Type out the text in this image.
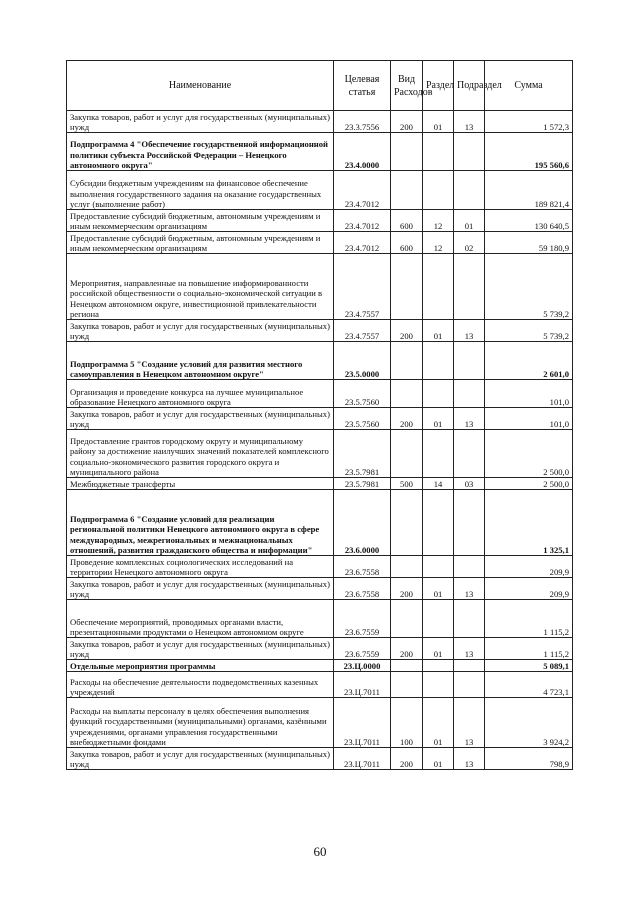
Наименование	Целевая статья	Вид Расходов	Раздел	Подраздел	Сумма
Закупка товаров, работ и услуг для государственных (муниципальных) нужд	23.3.7556	200	01	13	1 572,3
Подпрограмма 4 "Обеспечение государственной информационной политики субъекта Российской Федерации – Ненецкого автономного округа"	23.4.0000				195 560,6
Субсидии бюджетным учреждениям на финансовое обеспечение выполнения государственного задания на оказание государственных услуг (выполнение работ)	23.4.7012				189 821,4
Предоставление субсидий бюджетным, автономным учреждениям и иным некоммерческим организациям	23.4.7012	600	12	01	130 640,5
Предоставление субсидий бюджетным, автономным учреждениям и иным некоммерческим организациям	23.4.7012	600	12	02	59 180,9
Мероприятия, направленные на повышение информированности российской общественности о социально-экономической ситуации в Ненецком автономном округе, инвестиционной привлекательности региона	23.4.7557				5 739,2
Закупка товаров, работ и услуг для государственных (муниципальных) нужд	23.4.7557	200	01	13	5 739,2
Подпрограмма 5 "Создание условий для развития местного самоуправления в Ненецком автономном округе"	23.5.0000				2 601,0
Организация и проведение конкурса на лучшее муниципальное образование Ненецкого автономного округа	23.5.7560				101,0
Закупка товаров, работ и услуг для государственных (муниципальных) нужд	23.5.7560	200	01	13	101,0
Предоставление грантов городскому округу и муниципальному району за достижение наилучших значений показателей комплексного социально-экономического развития городского округа и муниципального района	23.5.7981				2 500,0
Межбюджетные трансферты	23.5.7981	500	14	03	2 500,0
Подпрограмма 6 "Создание условий для реализации региональной политики Ненецкого автономного округа в сфере международных, межрегиональных и межнациональных отношений, развития гражданского общества и информации"	23.6.0000				1 325,1
Проведение комплексных социологических исследований на территории Ненецкого автономного округа	23.6.7558				209,9
Закупка товаров, работ и услуг для государственных (муниципальных) нужд	23.6.7558	200	01	13	209,9
Обеспечение мероприятий, проводимых органами власти, презентационными продуктами о Ненецком автономном округе	23.6.7559				1 115,2
Закупка товаров, работ и услуг для государственных (муниципальных) нужд	23.6.7559	200	01	13	1 115,2
Отдельные мероприятия программы	23.Ц.0000				5 089,1
Расходы на обеспечение деятельности подведомственных казенных учреждений	23.Ц.7011				4 723,1
Расходы на выплаты персоналу в целях обеспечения выполнения функций государственными (муниципальными) органами, казёнными учреждениями, органами управления государственными внебюджетными фондами	23.Ц.7011	100	01	13	3 924,2
Закупка товаров, работ и услуг для государственных (муниципальных) нужд	23.Ц.7011	200	01	13	798,9
60
